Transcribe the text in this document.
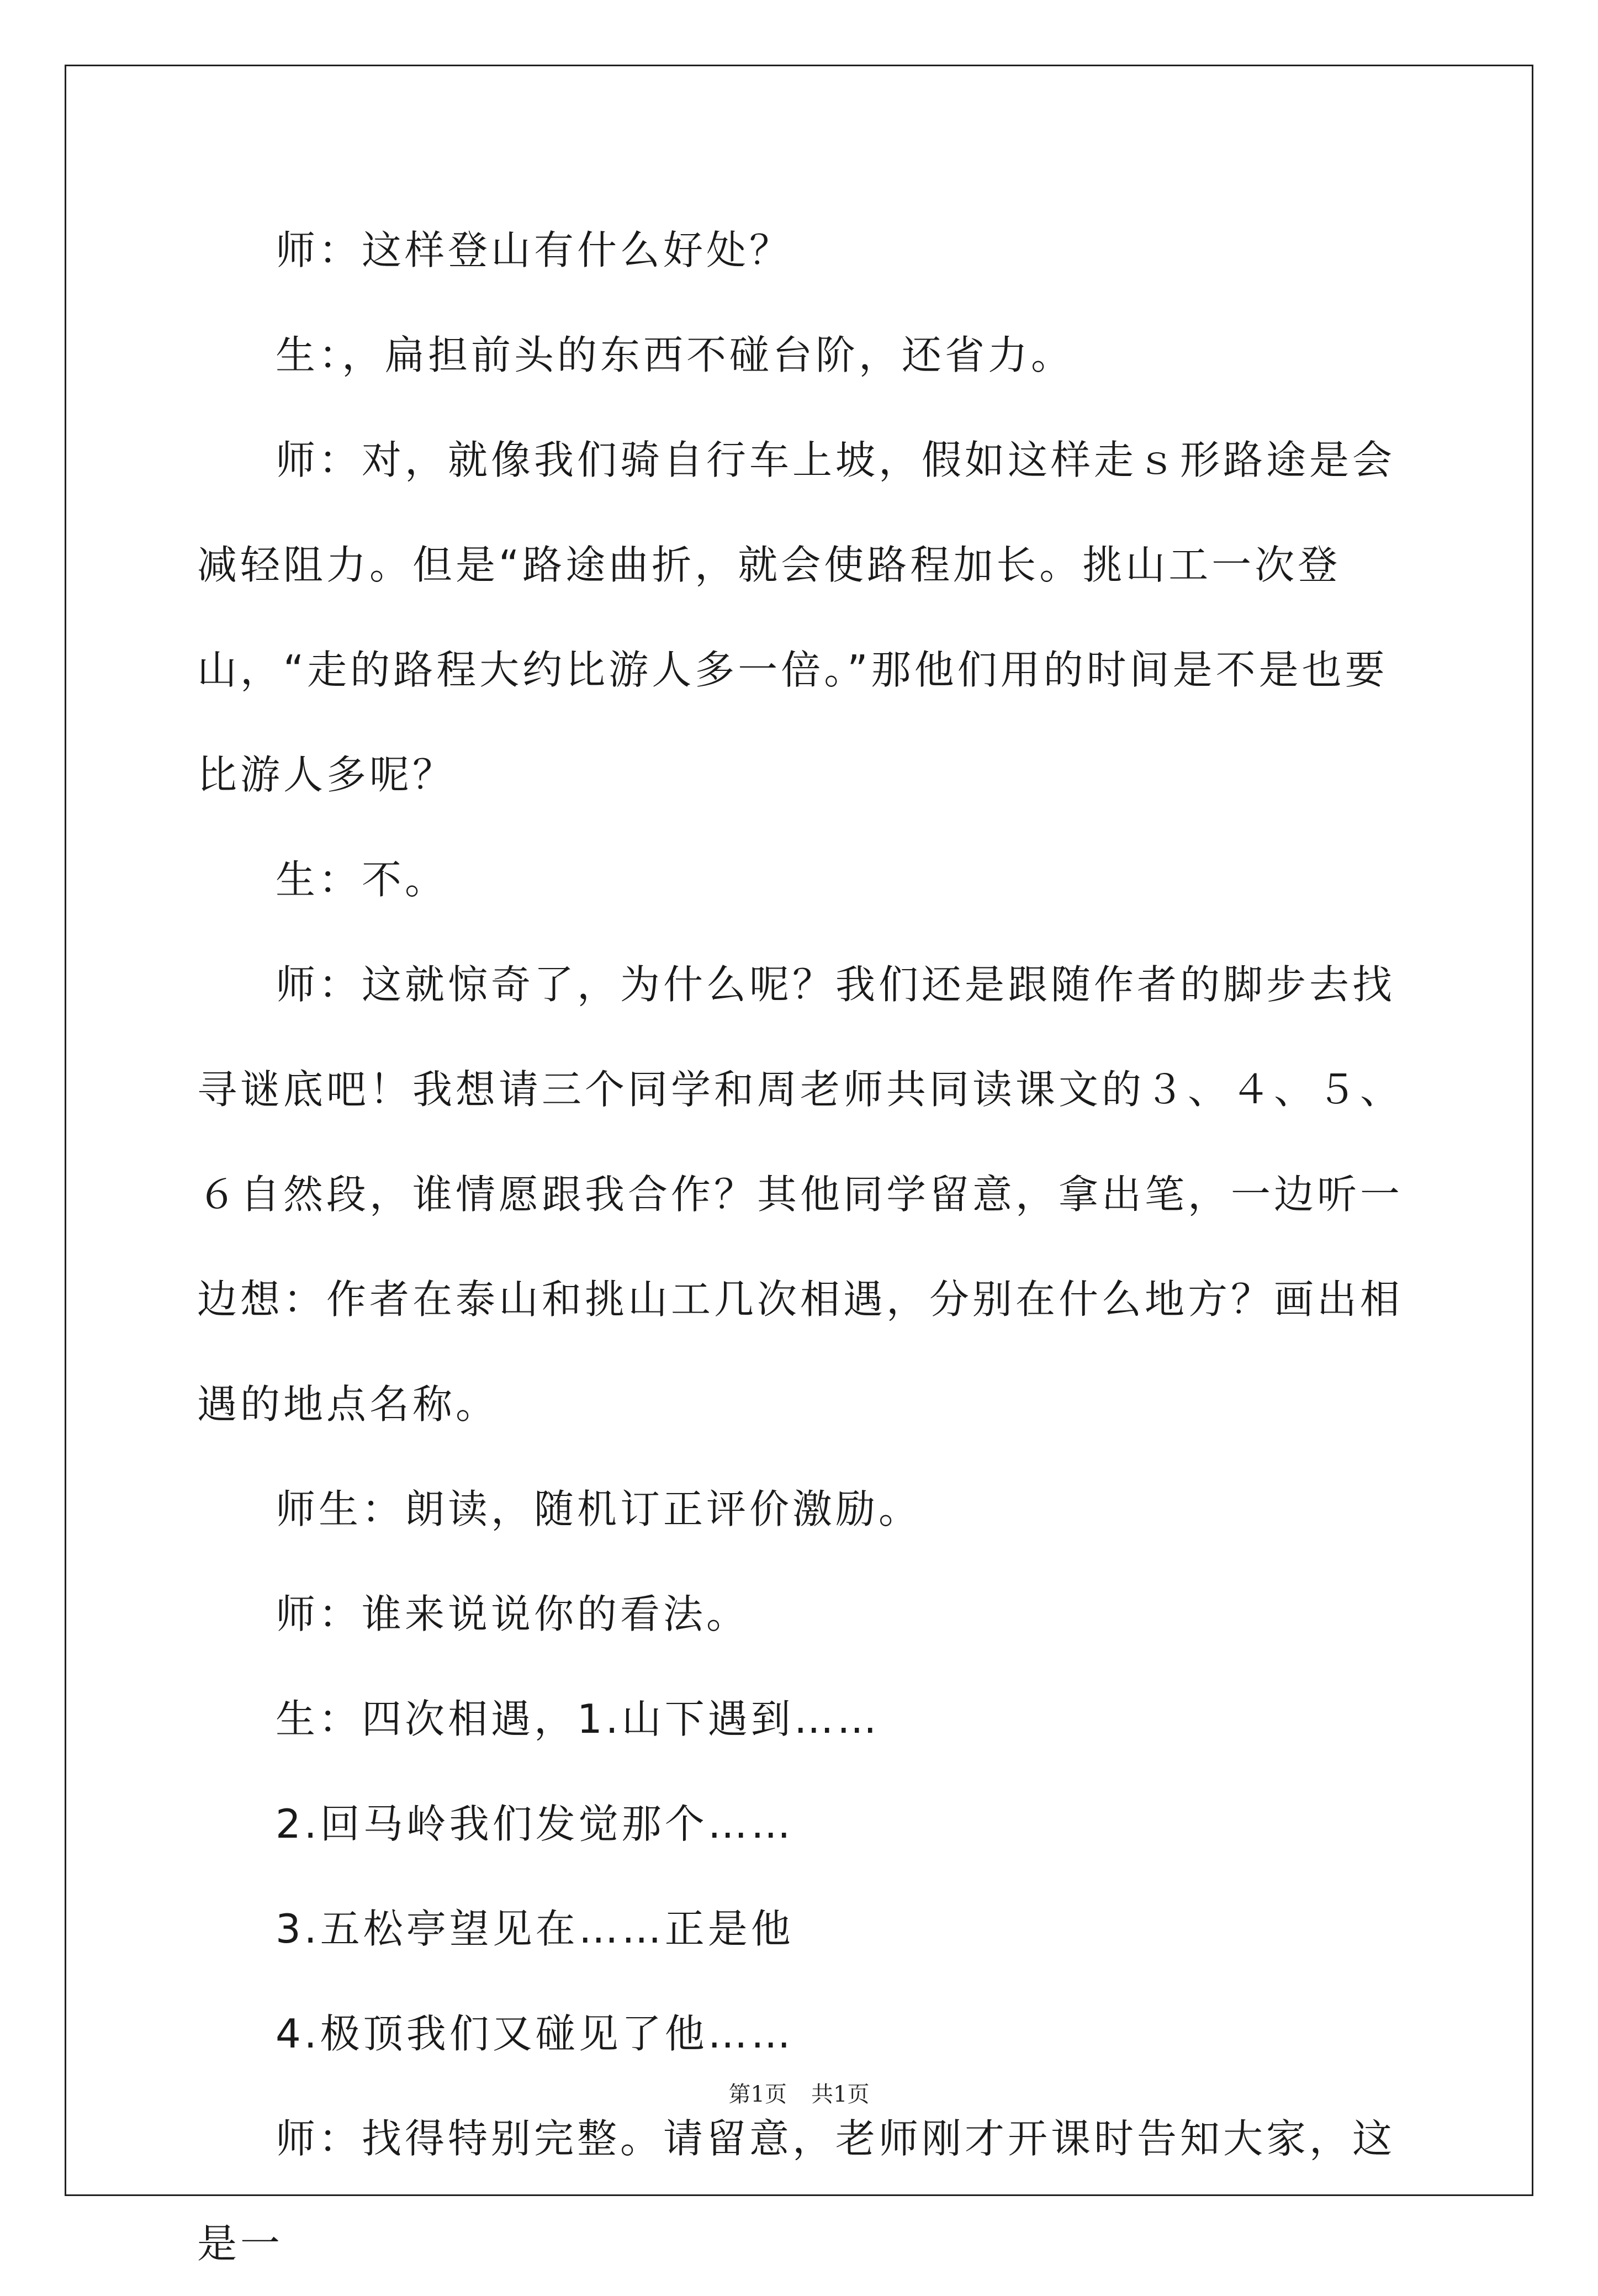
师：这样登山有什么好处？

生：，扁担前头的东西不碰台阶，还省力。

师：对，就像我们骑自行车上坡，假如这样走ｓ形路途是会减轻阻力。但是“路途曲折，就会使路程加长。挑山工一次登山，“走的路程大约比游人多一倍。”那他们用的时间是不是也要比游人多呢？

生：不。

师：这就惊奇了，为什么呢？我们还是跟随作者的脚步去找寻谜底吧！我想请三个同学和周老师共同读课文的３、４、５、６自然段，谁情愿跟我合作？其他同学留意，拿出笔，一边听一边想：作者在泰山和挑山工几次相遇，分别在什么地方？画出相遇的地点名称。

师生：朗读，随机订正评价激励。

师：谁来说说你的看法。

生：四次相遇，1.山下遇到……

2.回马岭我们发觉那个……

3.五松亭望见在……正是他

4.极顶我们又碰见了他……

师：找得特别完整。请留意，老师刚才开课时告知大家，这是一

第1页 共1页
